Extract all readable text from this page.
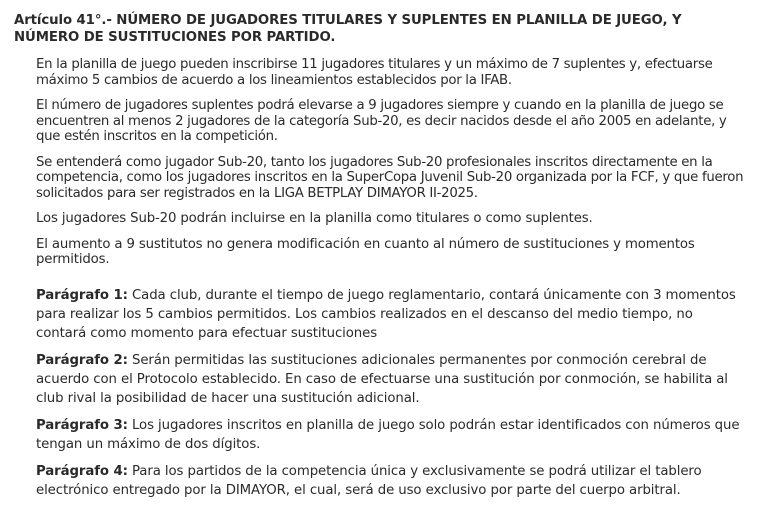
Artículo 41°.- NÚMERO DE JUGADORES TITULARES Y SUPLENTES EN PLANILLA DE JUEGO, Y NÚMERO DE SUSTITUCIONES POR PARTIDO.

En la planilla de juego pueden inscribirse 11 jugadores titulares y un máximo de 7 suplentes y, efectuarse máximo 5 cambios de acuerdo a los lineamientos establecidos por la IFAB.

El número de jugadores suplentes podrá elevarse a 9 jugadores siempre y cuando en la planilla de juego se encuentren al menos 2 jugadores de la categoría Sub-20, es decir nacidos desde el año 2005 en adelante, y que estén inscritos en la competición.

Se entenderá como jugador Sub-20, tanto los jugadores Sub-20 profesionales inscritos directamente en la competencia, como los jugadores inscritos en la SuperCopa Juvenil Sub-20 organizada por la FCF, y que fueron solicitados para ser registrados en la LIGA BETPLAY DIMAYOR II-2025.

Los jugadores Sub-20 podrán incluirse en la planilla como titulares o como suplentes.

El aumento a 9 sustitutos no genera modificación en cuanto al número de sustituciones y momentos permitidos.

Parágrafo 1: Cada club, durante el tiempo de juego reglamentario, contará únicamente con 3 momentos para realizar los 5 cambios permitidos. Los cambios realizados en el descanso del medio tiempo, no contará como momento para efectuar sustituciones

Parágrafo 2: Serán permitidas las sustituciones adicionales permanentes por conmoción cerebral de acuerdo con el Protocolo establecido. En caso de efectuarse una sustitución por conmoción, se habilita al club rival la posibilidad de hacer una sustitución adicional.

Parágrafo 3: Los jugadores inscritos en planilla de juego solo podrán estar identificados con números que tengan un máximo de dos dígitos.

Parágrafo 4: Para los partidos de la competencia única y exclusivamente se podrá utilizar el tablero electrónico entregado por la DIMAYOR, el cual, será de uso exclusivo por parte del cuerpo arbitral.
